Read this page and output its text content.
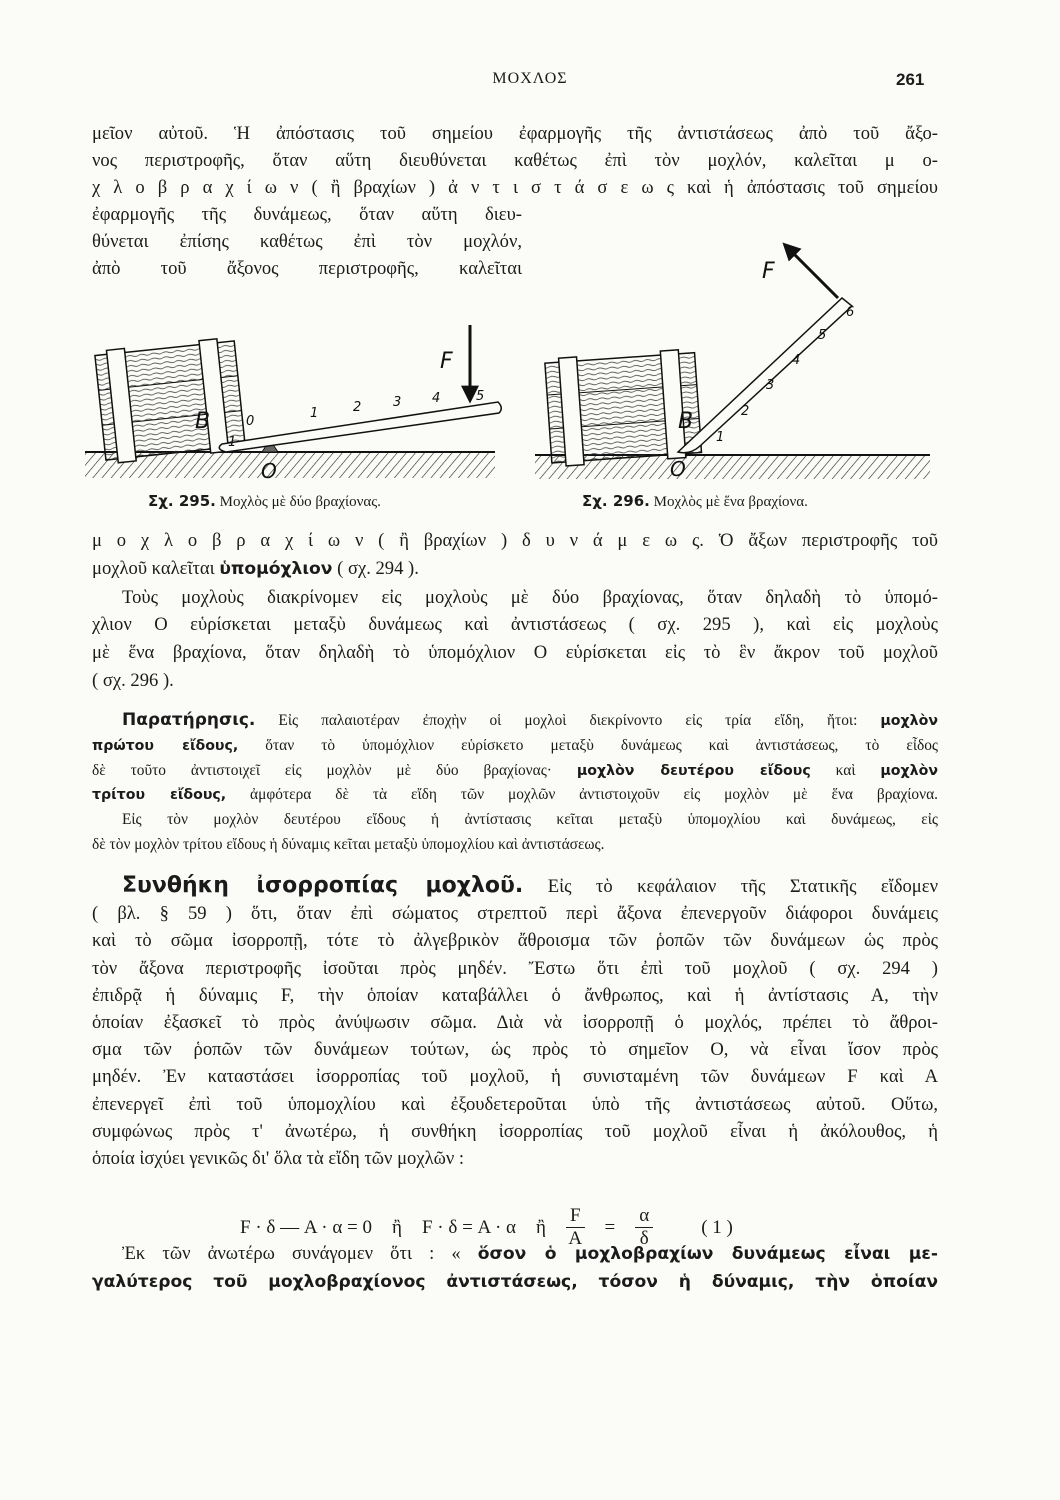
ΜΟΧΛΟΣ	261
μεῖον αὐτοῦ. Ἡ ἀπόστασις τοῦ σημείου ἐφαρμογῆς τῆς ἀντιστάσεως ἀπὸ τοῦ ἄξο-
νος περιστροφῆς, ὅταν αὕτη διευθύνεται καθέτως ἐπὶ τὸν μοχλόν, καλεῖται μ ο-
χ λ ο β ρ α χ ί ω ν ( ἢ βραχίων ) ἀ ν τ ι σ τ ά σ ε ω ς καὶ ἡ ἀπόστασις τοῦ σημείου
ἐφαρμογῆς τῆς δυνάμεως, ὅταν αὕτη διευ-
θύνεται ἐπίσης καθέτως ἐπὶ τὸν μοχλόν,
ἀπὸ τοῦ ἄξονος περιστροφῆς, καλεῖται
B	0
1	2 3 4	5
F
O
1
B
1
2
3
4
5
6
F
O
Σχ. 295. Μοχλὸς μὲ δύο βραχίονας.	Σχ. 296. Μοχλὸς μὲ ἕνα βραχίονα.
μ ο χ λ ο β ρ α χ ί ω ν ( ἢ βραχίων ) δ υ ν ά μ ε ω ς. Ὁ ἄξων περιστροφῆς τοῦ
μοχλοῦ καλεῖται ὑπομόχλιον ( σχ. 294 ).
Τοὺς μοχλοὺς διακρίνομεν εἰς μοχλοὺς μὲ δύο βραχίονας, ὅταν δηλαδὴ τὸ ὑπομό-
χλιον Ο εὑρίσκεται μεταξὺ δυνάμεως καὶ ἀντιστάσεως ( σχ. 295 ), καὶ εἰς μοχλοὺς
μὲ ἕνα βραχίονα, ὅταν δηλαδὴ τὸ ὑπομόχλιον Ο εὑρίσκεται εἰς τὸ ἓν ἄκρον τοῦ μοχλοῦ
( σχ. 296 ).
Παρατήρησις. Εἰς παλαιοτέραν ἐποχὴν οἱ μοχλοὶ διεκρίνοντο εἰς τρία εἴδη, ἤτοι: μοχλὸν
πρώτου εἴδους, ὅταν τὸ ὑπομόχλιον εὑρίσκετο μεταξὺ δυνάμεως καὶ ἀντιστάσεως, τὸ εἶδος
δὲ τοῦτο ἀντιστοιχεῖ εἰς μοχλὸν μὲ δύο βραχίονας· μοχλὸν δευτέρου εἴδους καὶ μοχλὸν
τρίτου εἴδους, ἀμφότερα δὲ τὰ εἴδη τῶν μοχλῶν ἀντιστοιχοῦν εἰς μοχλὸν μὲ ἕνα βραχίονα.
Εἰς τὸν μοχλὸν δευτέρου εἴδους ἡ ἀντίστασις κεῖται μεταξὺ ὑπομοχλίου καὶ δυνάμεως, εἰς
δὲ τὸν μοχλὸν τρίτου εἴδους ἡ δύναμις κεῖται μεταξὺ ὑπομοχλίου καὶ ἀντιστάσεως.
Συνθήκη ἰσορροπίας μοχλοῦ. Εἰς τὸ κεφάλαιον τῆς Στατικῆς εἴδομεν
( βλ. § 59 ) ὅτι, ὅταν ἐπὶ σώματος στρεπτοῦ περὶ ἄξονα ἐπενεργοῦν διάφοροι δυνάμεις
καὶ τὸ σῶμα ἰσορροπῇ, τότε τὸ ἀλγεβρικὸν ἄθροισμα τῶν ῥοπῶν τῶν δυνάμεων ὡς πρὸς
τὸν ἄξονα περιστροφῆς ἰσοῦται πρὸς μηδέν. Ἔστω ὅτι ἐπὶ τοῦ μοχλοῦ ( σχ. 294 )
ἐπιδρᾷ ἡ δύναμις F, τὴν ὁποίαν καταβάλλει ὁ ἄνθρωπος, καὶ ἡ ἀντίστασις Α, τὴν
ὁποίαν ἐξασκεῖ τὸ πρὸς ἀνύψωσιν σῶμα. Διὰ νὰ ἰσορροπῇ ὁ μοχλός, πρέπει τὸ ἄθροι-
σμα τῶν ῥοπῶν τῶν δυνάμεων τούτων, ὡς πρὸς τὸ σημεῖον Ο, νὰ εἶναι ἴσον πρὸς
μηδέν. Ἐν καταστάσει ἰσορροπίας τοῦ μοχλοῦ, ἡ συνισταμένη τῶν δυνάμεων F καὶ Α
ἐπενεργεῖ ἐπὶ τοῦ ὑπομοχλίου καὶ ἐξουδετεροῦται ὑπὸ τῆς ἀντιστάσεως αὐτοῦ. Οὕτω,
συμφώνως πρὸς τ' ἀνωτέρω, ἡ συνθήκη ἰσορροπίας τοῦ μοχλοῦ εἶναι ἡ ἀκόλουθος, ἡ
ὁποία ἰσχύει γενικῶς δι' ὅλα τὰ εἴδη τῶν μοχλῶν :
F · δ — A · α = 0 ἢ F · δ = A · α ἢ $\frac{F}{A} = \frac{\alpha}{\delta}$	( 1 )
Ἐκ τῶν ἀνωτέρω συνάγομεν ὅτι : « ὅσον ὁ μοχλοβραχίων δυνάμεως εἶναι με-
γαλύτερος τοῦ μοχλοβραχίονος ἀντιστάσεως, τόσον ἡ δύναμις, τὴν ὁποίαν
